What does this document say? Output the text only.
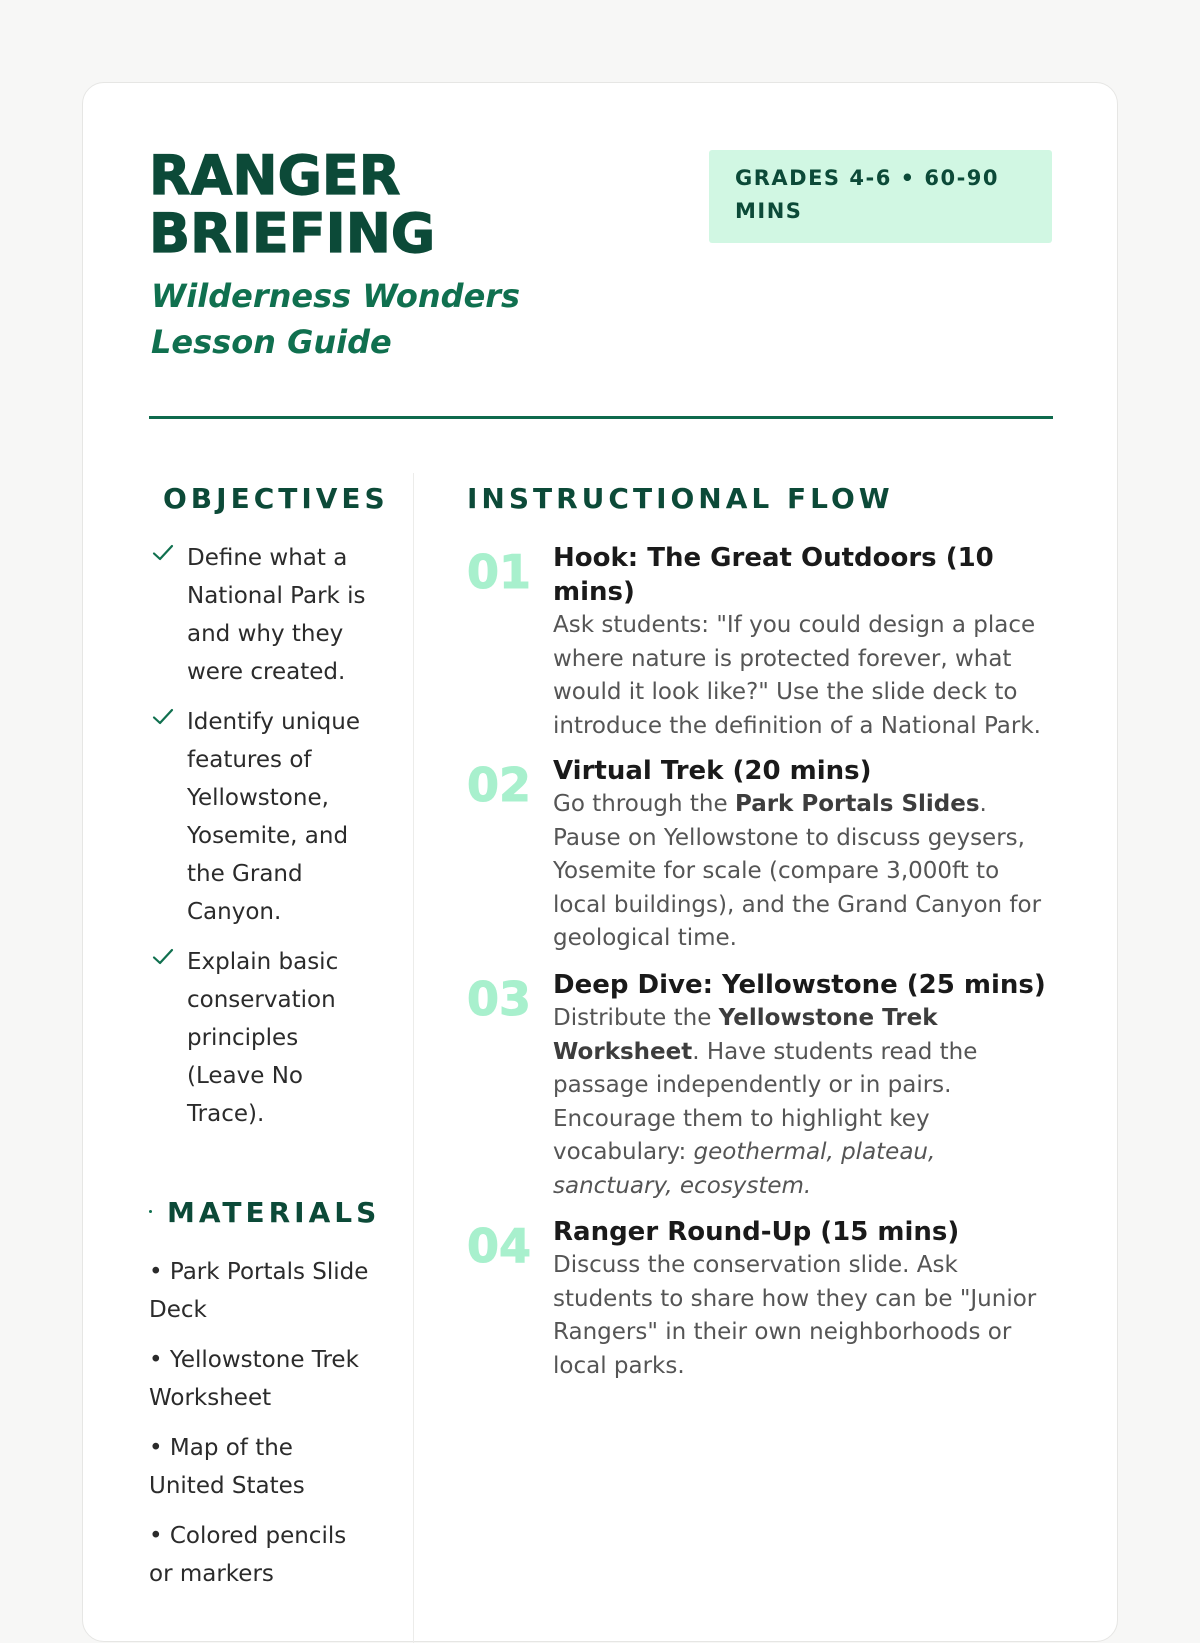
RANGER
BRIEFING

Wilderness Wonders Lesson Guide

GRADES 4-6 • 60-90 MINS
OBJECTIVES
Define what a National Park is and why they were created.
Identify unique features of Yellowstone, Yosemite, and the Grand Canyon.
Explain basic conservation principles (Leave No Trace).
MATERIALS
• Park Portals Slide Deck
• Yellowstone Trek Worksheet
• Map of the United States
• Colored pencils or markers
INSTRUCTIONAL FLOW
01 Hook: The Great Outdoors (10 mins)

Ask students: "If you could design a place where nature is protected forever, what would it look like?" Use the slide deck to introduce the definition of a National Park.

02 Virtual Trek (20 mins)

Go through the Park Portals Slides. Pause on Yellowstone to discuss geysers, Yosemite for scale (compare 3,000ft to local buildings), and the Grand Canyon for geological time.

03 Deep Dive: Yellowstone (25 mins)

Distribute the Yellowstone Trek Worksheet. Have students read the passage independently or in pairs. Encourage them to highlight key vocabulary: geothermal, plateau, sanctuary, ecosystem.

04 Ranger Round-Up (15 mins)

Discuss the conservation slide. Ask students to share how they can be "Junior Rangers" in their own neighborhoods or local parks.
